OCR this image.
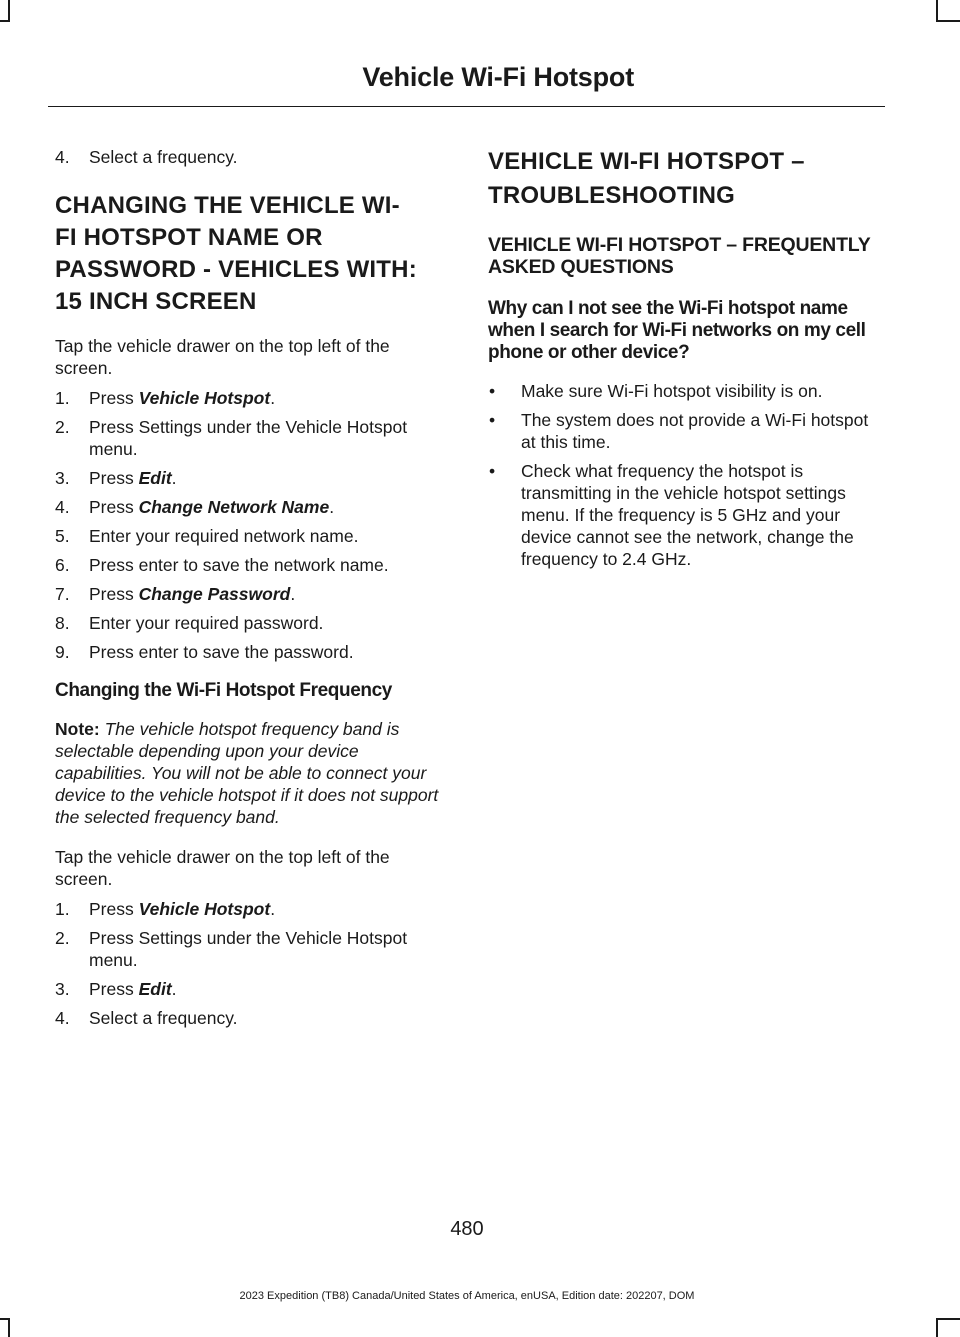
Vehicle Wi-Fi Hotspot
4.	Select a frequency.
CHANGING THE VEHICLE WI-
FI HOTSPOT NAME OR
PASSWORD - VEHICLES WITH:
15 INCH SCREEN

Tap the vehicle drawer on the top left of the screen.

1.	Press Vehicle Hotspot.
2.	Press Settings under the Vehicle Hotspot menu.
3.	Press Edit.
4.	Press Change Network Name.
5.	Enter your required network name.
6.	Press enter to save the network name.
7.	Press Change Password.
8.	Enter your required password.
9.	Press enter to save the password.
Changing the Wi-Fi Hotspot Frequency

Note: The vehicle hotspot frequency band is selectable depending upon your device capabilities. You will not be able to connect your device to the vehicle hotspot if it does not support the selected frequency band.

Tap the vehicle drawer on the top left of the screen.

1.	Press Vehicle Hotspot.
2.	Press Settings under the Vehicle Hotspot menu.
3.	Press Edit.
4.	Select a frequency.
VEHICLE WI-FI HOTSPOT –
TROUBLESHOOTING
VEHICLE WI-FI HOTSPOT – FREQUENTLY ASKED QUESTIONS
Why can I not see the Wi-Fi hotspot name when I search for Wi-Fi networks on my cell phone or other device?
•	Make sure Wi-Fi hotspot visibility is on.
•	The system does not provide a Wi-Fi hotspot at this time.
•	Check what frequency the hotspot is transmitting in the vehicle hotspot settings menu. If the frequency is 5 GHz and your device cannot see the network, change the frequency to 2.4 GHz.
480
2023 Expedition (TB8) Canada/United States of America, enUSA, Edition date: 202207, DOM
